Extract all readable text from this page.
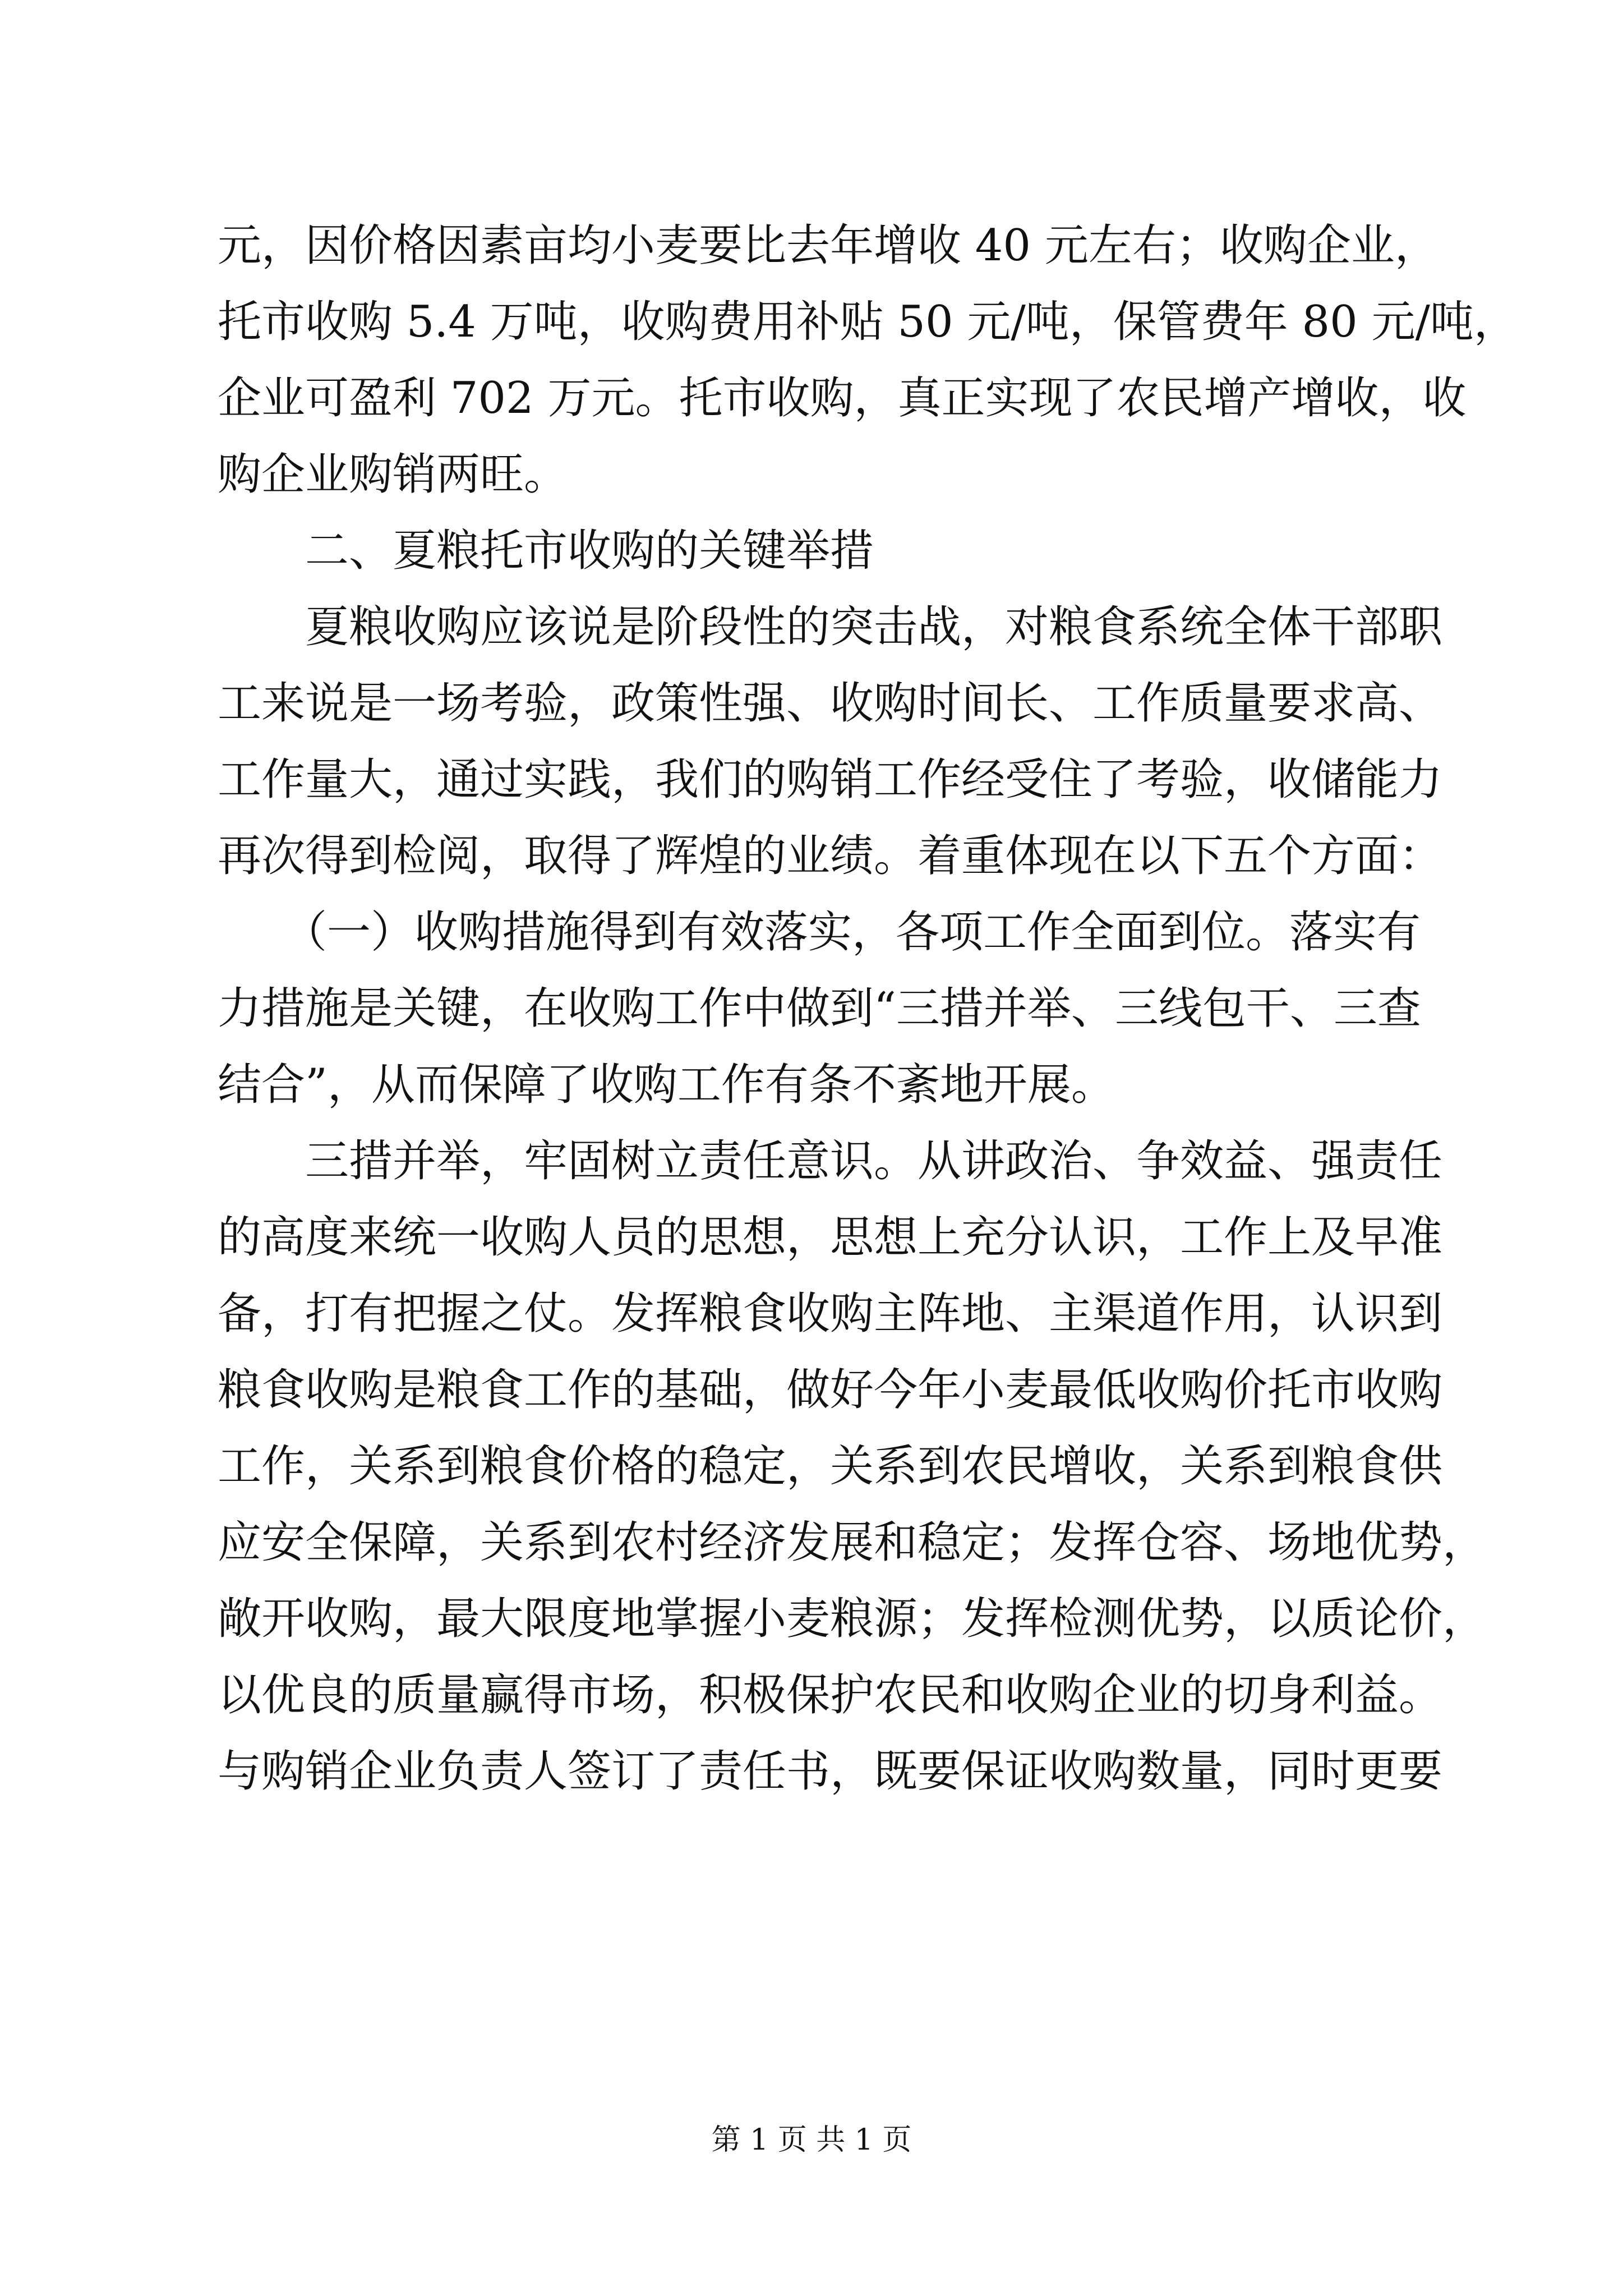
元，因价格因素亩均小麦要比去年增收 40 元左右；收购企业，
托市收购 5.4 万吨，收购费用补贴 50 元/吨，保管费年 80 元/吨，
企业可盈利 702 万元。托市收购，真正实现了农民增产增收，收
购企业购销两旺。
　　二、夏粮托市收购的关键举措
　　夏粮收购应该说是阶段性的突击战，对粮食系统全体干部职
工来说是一场考验，政策性强、收购时间长、工作质量要求高、
工作量大，通过实践，我们的购销工作经受住了考验，收储能力
再次得到检阅，取得了辉煌的业绩。着重体现在以下五个方面：
　　（一）收购措施得到有效落实，各项工作全面到位。落实有
力措施是关键，在收购工作中做到“三措并举、三线包干、三查
结合”，从而保障了收购工作有条不紊地开展。
　　三措并举，牢固树立责任意识。从讲政治、争效益、强责任
的高度来统一收购人员的思想，思想上充分认识，工作上及早准
备，打有把握之仗。发挥粮食收购主阵地、主渠道作用，认识到
粮食收购是粮食工作的基础，做好今年小麦最低收购价托市收购
工作，关系到粮食价格的稳定，关系到农民增收，关系到粮食供
应安全保障，关系到农村经济发展和稳定；发挥仓容、场地优势，
敞开收购，最大限度地掌握小麦粮源；发挥检测优势，以质论价，
以优良的质量赢得市场，积极保护农民和收购企业的切身利益。
与购销企业负责人签订了责任书，既要保证收购数量，同时更要
第 1 页 共 1 页
